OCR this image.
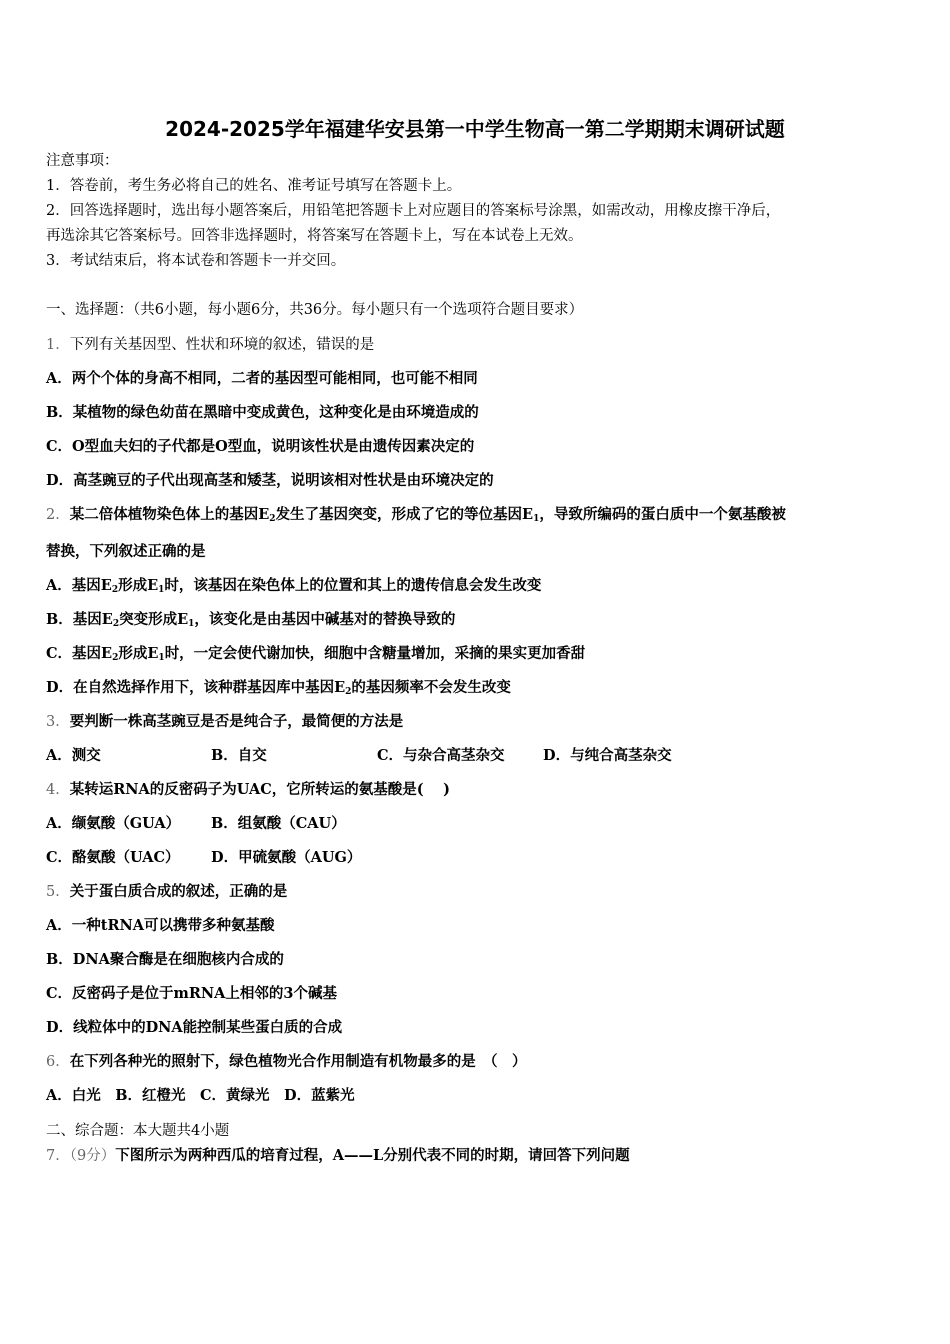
2024-2025学年福建华安县第一中学生物高一第二学期期末调研试题
注意事项：
1．答卷前，考生务必将自己的姓名、准考证号填写在答题卡上。
2．回答选择题时，选出每小题答案后，用铅笔把答题卡上对应题目的答案标号涂黑，如需改动，用橡皮擦干净后，
再选涂其它答案标号。回答非选择题时，将答案写在答题卡上，写在本试卷上无效。
3．考试结束后，将本试卷和答题卡一并交回。
一、选择题：（共6小题，每小题6分，共36分。每小题只有一个选项符合题目要求）
1．下列有关基因型、性状和环境的叙述，错误的是
A．两个个体的身高不相同，二者的基因型可能相同，也可能不相同
B．某植物的绿色幼苗在黑暗中变成黄色，这种变化是由环境造成的
C．O型血夫妇的子代都是O型血，说明该性状是由遗传因素决定的
D．高茎豌豆的子代出现高茎和矮茎，说明该相对性状是由环境决定的
2．某二倍体植物染色体上的基因$E_2$发生了基因突变，形成了它的等位基因$E_1$，导致所编码的蛋白质中一个氨基酸被
替换，下列叙述正确的是
A．基因$E_2$形成$E_1$时，该基因在染色体上的位置和其上的遗传信息会发生改变
B．基因$E_2$突变形成$E_1$，该变化是由基因中碱基对的替换导致的
C．基因$E_2$形成$E_1$时，一定会使代谢加快，细胞中含糖量增加，采摘的果实更加香甜
D．在自然选择作用下，该种群基因库中基因$E_2$的基因频率不会发生改变
3．要判断一株高茎豌豆是否是纯合子，最简便的方法是
A．测交	B．自交	C．与杂合高茎杂交	D．与纯合高茎杂交
4．某转运RNA的反密码子为UAC，它所转运的氨基酸是(　 )
A．缬氨酸（GUA） B．组氨酸（CAU）
C．酪氨酸（UAC） D．甲硫氨酸（AUG）
5．关于蛋白质合成的叙述，正确的是
A．一种tRNA可以携带多种氨基酸
B．DNA聚合酶是在细胞核内合成的
C．反密码子是位于mRNA上相邻的3个碱基
D．线粒体中的DNA能控制某些蛋白质的合成
6．在下列各种光的照射下，绿色植物光合作用制造有机物最多的是　（　）
A．白光　B．红橙光　C．黄绿光　D．蓝紫光
二、综合题：本大题共4小题
7．（9分）下图所示为两种西瓜的培育过程，A——L分别代表不同的时期，请回答下列问题
